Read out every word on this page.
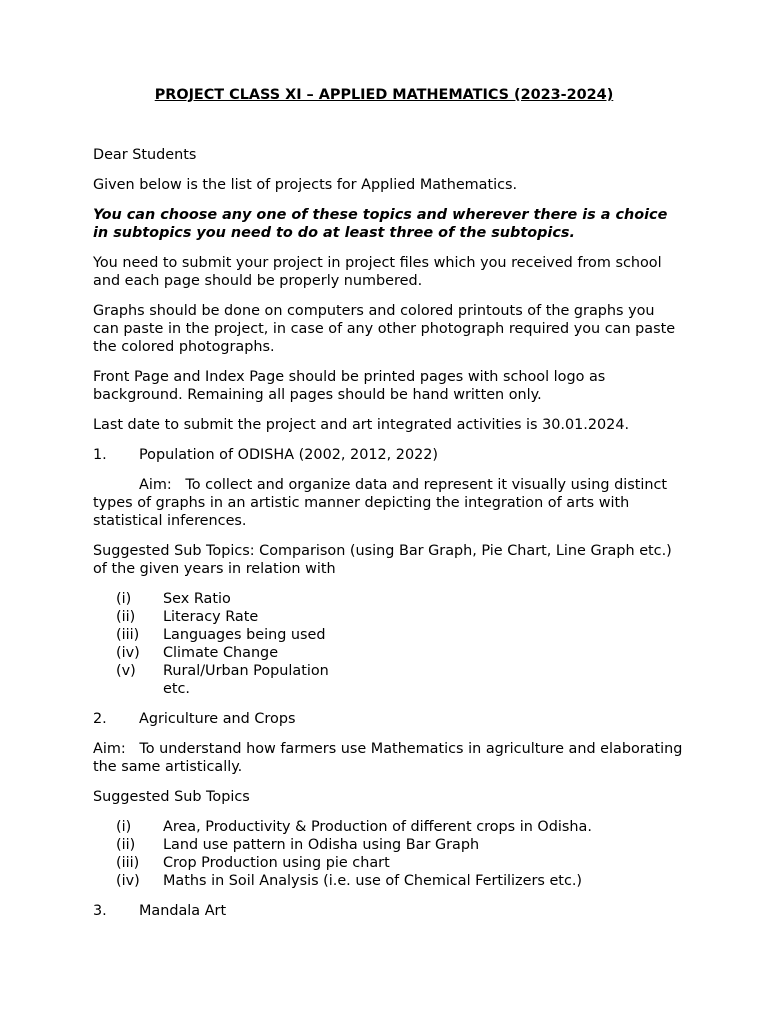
PROJECT CLASS XI – APPLIED MATHEMATICS (2023-2024)

Dear Students

Given below is the list of projects for Applied Mathematics.

You can choose any one of these topics and wherever there is a choice in subtopics you need to do at least three of the subtopics.

You need to submit your project in project files which you received from school and each page should be properly numbered.

Graphs should be done on computers and colored printouts of the graphs you can paste in the project, in case of any other photograph required you can paste the colored photographs.

Front Page and Index Page should be printed pages with school logo as background. Remaining all pages should be hand written only.

Last date to submit the project and art integrated activities is 30.01.2024.

1.	Population of ODISHA (2002, 2012, 2022)

Aim:   To collect and organize data and represent it visually using distinct types of graphs in an artistic manner depicting the integration of arts with statistical inferences.

Suggested Sub Topics: Comparison (using Bar Graph, Pie Chart, Line Graph etc.) of the given years in relation with

(i)	Sex Ratio
(ii)	Literacy Rate
(iii)	Languages being used
(iv)	Climate Change
(v)	Rural/Urban Population
etc.
2.	Agriculture and Crops

Aim:   To understand how farmers use Mathematics in agriculture and elaborating the same artistically.

Suggested Sub Topics

(i)	Area, Productivity & Production of different crops in Odisha.
(ii)	Land use pattern in Odisha using Bar Graph
(iii)	Crop Production using pie chart
(iv)	Maths in Soil Analysis (i.e. use of Chemical Fertilizers etc.)
3.	Mandala Art
